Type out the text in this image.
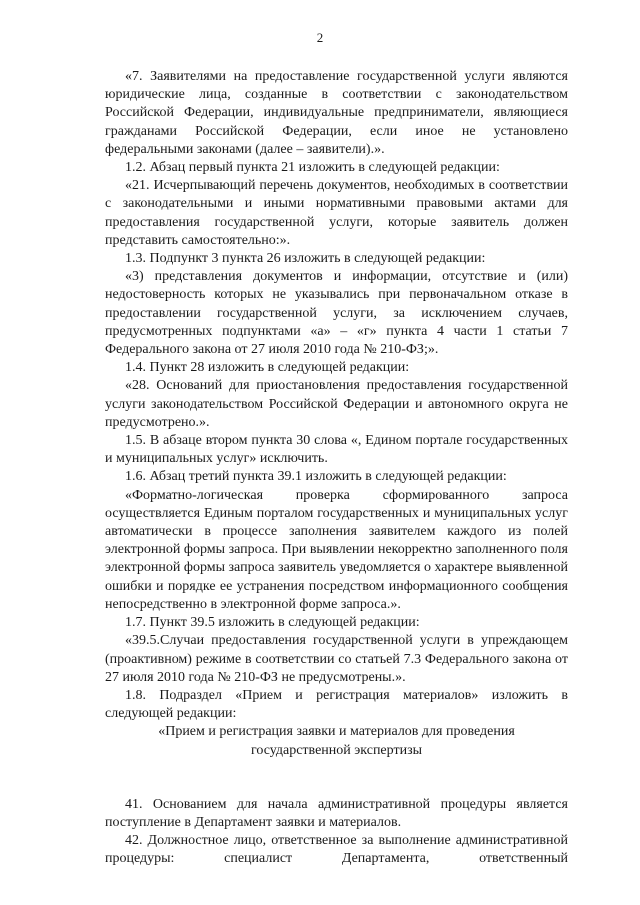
2

«7. Заявителями на предоставление государственной услуги являются юридические лица, созданные в соответствии с законодательством Российской Федерации, индивидуальные предприниматели, являющиеся гражданами Российской Федерации, если иное не установлено федеральными законами (далее – заявители).».

1.2. Абзац первый пункта 21 изложить в следующей редакции:

«21. Исчерпывающий перечень документов, необходимых в соответствии с законодательными и иными нормативными правовыми актами для предоставления государственной услуги, которые заявитель должен представить самостоятельно:».

1.3. Подпункт 3 пункта 26 изложить в следующей редакции:

«3) представления документов и информации, отсутствие и (или) недостоверность которых не указывались при первоначальном отказе в предоставлении государственной услуги, за исключением случаев, предусмотренных подпунктами «а» – «г» пункта 4 части 1 статьи 7 Федерального закона от 27 июля 2010 года № 210-ФЗ;».

1.4. Пункт 28 изложить в следующей редакции:

«28. Оснований для приостановления предоставления государственной услуги законодательством Российской Федерации и автономного округа не предусмотрено.».

1.5. В абзаце втором пункта 30 слова «, Едином портале государственных и муниципальных услуг» исключить.

1.6. Абзац третий пункта 39.1 изложить в следующей редакции:

«Форматно-логическая проверка сформированного запроса осуществляется Единым порталом государственных и муниципальных услуг автоматически в процессе заполнения заявителем каждого из полей электронной формы запроса. При выявлении некорректно заполненного поля электронной формы запроса заявитель уведомляется о характере выявленной ошибки и порядке ее устранения посредством информационного сообщения непосредственно в электронной форме запроса.».

1.7. Пункт 39.5 изложить в следующей редакции:

«39.5.Случаи предоставления государственной услуги в упреждающем (проактивном) режиме в соответствии со статьей 7.3 Федерального закона от 27 июля 2010 года № 210-ФЗ не предусмотрены.».

1.8. Подраздел «Прием и регистрация материалов» изложить в следующей редакции:

«Прием и регистрация заявки и материалов для проведения

государственной экспертизы

41. Основанием для начала административной процедуры является поступление в Департамент заявки и материалов.

42. Должностное лицо, ответственное за выполнение административной процедуры: специалист Департамента, ответственный
